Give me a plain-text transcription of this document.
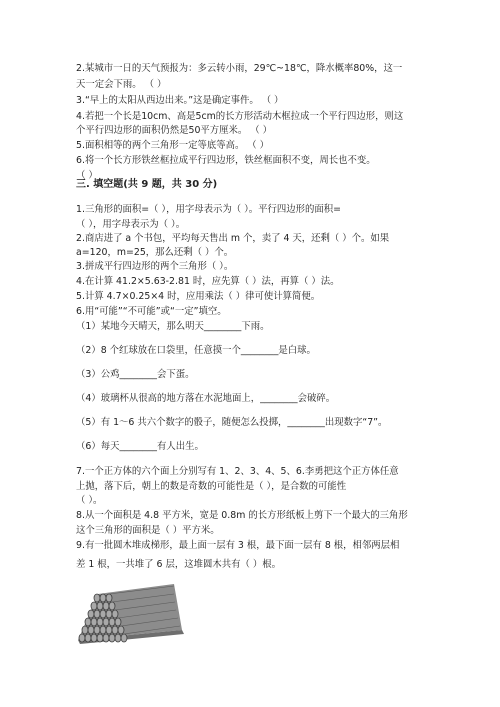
2.某城市一日的天气预报为：多云转小雨，29℃~18℃，降水概率80%，这一
天一定会下雨。 （ ）
3.“早上的太阳从西边出来。”这是确定事件。 （ ）
4.若把一个长是10cm、高是5cm的长方形活动木框拉成一个平行四边形，则这
个平行四边形的面积仍然是50平方厘米。 （ ）
5.面积相等的两个三角形一定等底等高。 （ ）
6.将一个长方形铁丝框拉成平行四边形，铁丝框面积不变，周长也不变。
（ ）
三. 填空题(共 9 题，共 30 分)
1.三角形的面积=（ ），用字母表示为（ ）。平行四边形的面积=
（ ），用字母表示为（ ）。
2.商店进了 a 个书包，平均每天售出 m 个，卖了 4 天，还剩（ ）个。如果
a=120，m=25，那么还剩（ ）个。
3.拼成平行四边形的两个三角形（ ）。
4.在计算 41.2×5.63-2.81 时，应先算（ ）法，再算（ ）法。
5.计算 4.7×0.25×4 时，应用乘法（ ）律可使计算简便。
6.用“可能”“不可能”或“一定”填空。
（1）某地今天晴天，那么明天________下雨。
（2）8 个红球放在口袋里，任意摸一个________是白球。
（3）公鸡________会下蛋。
（4）玻璃杯从很高的地方落在水泥地面上，________会破碎。
（5）有 1～6 共六个数字的骰子，随便怎么投掷，________出现数字“7”。
（6）每天________有人出生。
7.一个正方体的六个面上分别写有 1、2、3、4、5、6.李勇把这个正方体任意
上抛，落下后，朝上的数是奇数的可能性是（ ），是合数的可能性
（ ）。
8.从一个面积是 4.8 平方米，宽是 0.8m 的长方形纸板上剪下一个最大的三角形
这个三角形的面积是（ ）平方米。
9.有一批圆木堆成梯形，最上面一层有 3 根，最下面一层有 8 根，相邻两层相
差 1 根，一共堆了 6 层，这堆圆木共有（ ）根。
